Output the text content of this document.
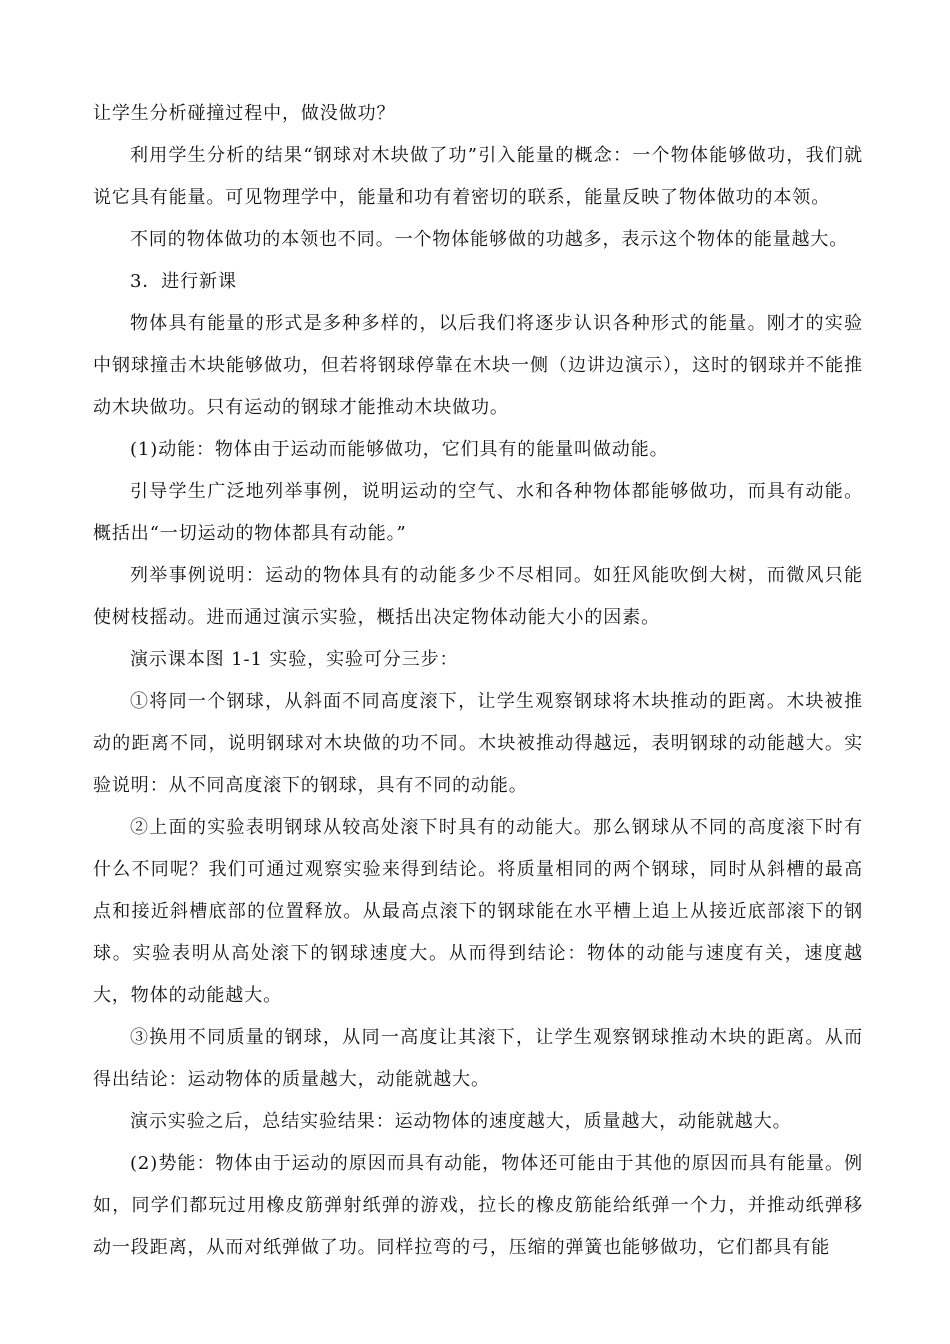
让学生分析碰撞过程中，做没做功？

利用学生分析的结果“钢球对木块做了功”引入能量的概念：一个物体能够做功，我们就说它具有能量。可见物理学中，能量和功有着密切的联系，能量反映了物体做功的本领。

不同的物体做功的本领也不同。一个物体能够做的功越多，表示这个物体的能量越大。

3．进行新课

物体具有能量的形式是多种多样的，以后我们将逐步认识各种形式的能量。刚才的实验中钢球撞击木块能够做功，但若将钢球停靠在木块一侧（边讲边演示），这时的钢球并不能推动木块做功。只有运动的钢球才能推动木块做功。

(1)动能：物体由于运动而能够做功，它们具有的能量叫做动能。

引导学生广泛地列举事例，说明运动的空气、水和各种物体都能够做功，而具有动能。概括出“一切运动的物体都具有动能。”

列举事例说明：运动的物体具有的动能多少不尽相同。如狂风能吹倒大树，而微风只能使树枝摇动。进而通过演示实验，概括出决定物体动能大小的因素。

演示课本图 1-1 实验，实验可分三步：

①将同一个钢球，从斜面不同高度滚下，让学生观察钢球将木块推动的距离。木块被推动的距离不同，说明钢球对木块做的功不同。木块被推动得越远，表明钢球的动能越大。实验说明：从不同高度滚下的钢球，具有不同的动能。

②上面的实验表明钢球从较高处滚下时具有的动能大。那么钢球从不同的高度滚下时有什么不同呢？我们可通过观察实验来得到结论。将质量相同的两个钢球，同时从斜槽的最高点和接近斜槽底部的位置释放。从最高点滚下的钢球能在水平槽上追上从接近底部滚下的钢球。实验表明从高处滚下的钢球速度大。从而得到结论：物体的动能与速度有关，速度越大，物体的动能越大。

③换用不同质量的钢球，从同一高度让其滚下，让学生观察钢球推动木块的距离。从而得出结论：运动物体的质量越大，动能就越大。

演示实验之后，总结实验结果：运动物体的速度越大，质量越大，动能就越大。

(2)势能：物体由于运动的原因而具有动能，物体还可能由于其他的原因而具有能量。例如，同学们都玩过用橡皮筋弹射纸弹的游戏，拉长的橡皮筋能给纸弹一个力，并推动纸弹移动一段距离，从而对纸弹做了功。同样拉弯的弓，压缩的弹簧也能够做功，它们都具有能
